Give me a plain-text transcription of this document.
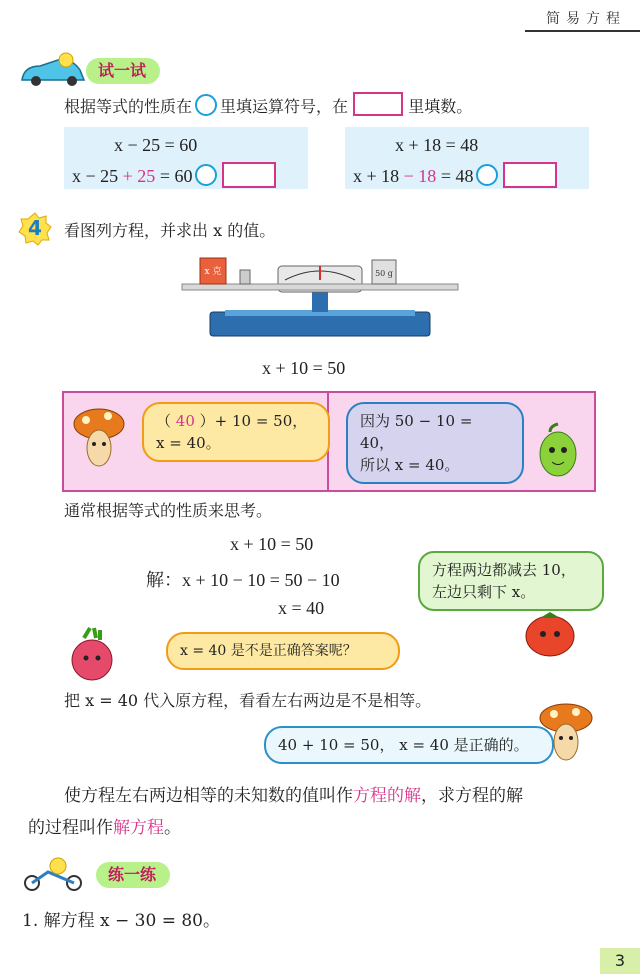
简易方程
试一试
根据等式的性质在 里填运算符号，在	里填数。
x − 25 = 60
x − 25 + 25 = 60
x + 18 = 48
x + 18 − 18 = 48
4	看图列方程，并求出 x 的值。
x 克	50 g
x + 10 = 50
（ 40 ）+ 10 = 50，
x = 40。
因为 50 − 10 = 40，
所以 x = 40。
通常根据等式的性质来思考。
x + 10 = 50
解：x + 10 − 10 = 50 − 10
x = 40
方程两边都减去 10，
左边只剩下 x。
x = 40 是不是正确答案呢？
把 x = 40 代入原方程，看看左右两边是不是相等。
40 + 10 = 50， x = 40 是正确的。
使方程左右两边相等的未知数的值叫作方程的解，求方程的解
的过程叫作解方程。
练一练
1. 解方程 x − 30 = 80。
3
